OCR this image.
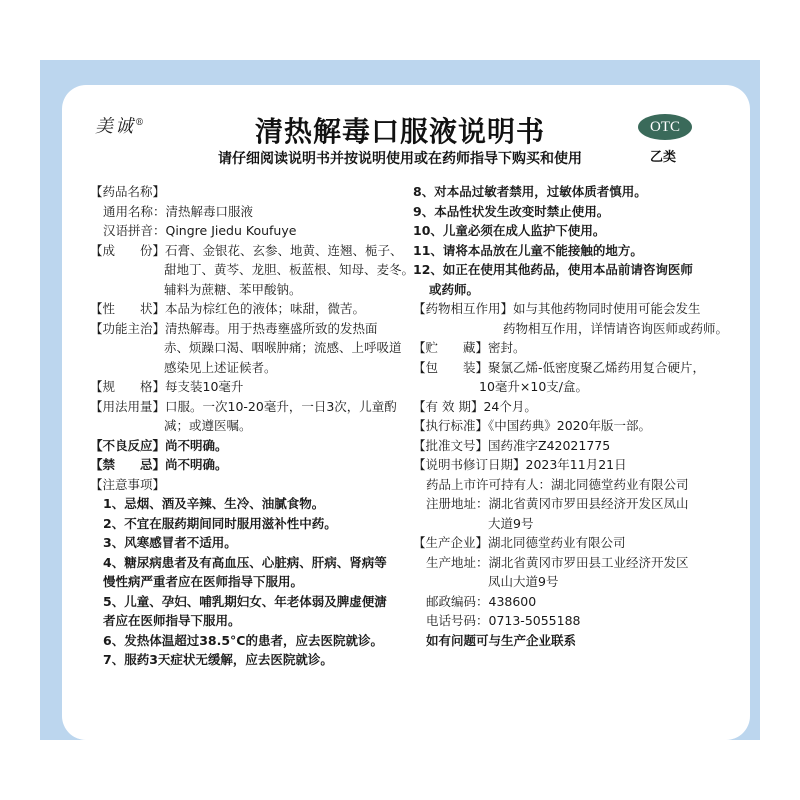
美诚®	清热解毒口服液说明书
请仔细阅读说明书并按说明使用或在药师指导下购买和使用
OTC
乙类

【药品名称】

通用名称：清热解毒口服液

汉语拼音：Qingre Jiedu Koufuye

【成　　份】石膏、金银花、玄参、地黄、连翘、栀子、

甜地丁、黄芩、龙胆、板蓝根、知母、麦冬。

辅料为蔗糖、苯甲酸钠。

【性　　状】本品为棕红色的液体；味甜，微苦。

【功能主治】清热解毒。用于热毒壅盛所致的发热面

赤、烦躁口渴、咽喉肿痛；流感、上呼吸道

感染见上述证候者。

【规　　格】每支装10毫升

【用法用量】口服。一次10-20毫升，一日3次，儿童酌

减；或遵医嘱。

【不良反应】尚不明确。

【禁　　忌】尚不明确。

【注意事项】

1、忌烟、酒及辛辣、生冷、油腻食物。

2、不宜在服药期间同时服用滋补性中药。

3、风寒感冒者不适用。

4、糖尿病患者及有高血压、心脏病、肝病、肾病等

慢性病严重者应在医师指导下服用。

5、儿童、孕妇、哺乳期妇女、年老体弱及脾虚便溏

者应在医师指导下服用。

6、发热体温超过38.5°C的患者，应去医院就诊。

7、服药3天症状无缓解，应去医院就诊。

8、对本品过敏者禁用，过敏体质者慎用。

9、本品性状发生改变时禁止使用。

10、儿童必须在成人监护下使用。

11、请将本品放在儿童不能接触的地方。

12、如正在使用其他药品，使用本品前请咨询医师

或药师。

【药物相互作用】如与其他药物同时使用可能会发生

药物相互作用，详情请咨询医师或药师。

【贮　　藏】密封。

【包　　装】聚氯乙烯-低密度聚乙烯药用复合硬片，

10毫升×10支/盒。

【有 效 期】24个月。

【执行标准】《中国药典》2020年版一部。

【批准文号】国药准字Z42021775

【说明书修订日期】2023年11月21日

药品上市许可持有人：湖北同德堂药业有限公司

注册地址：湖北省黄冈市罗田县经济开发区凤山

大道9号

【生产企业】湖北同德堂药业有限公司

生产地址：湖北省黄冈市罗田县工业经济开发区

凤山大道9号

邮政编码：438600

电话号码：0713-5055188

如有问题可与生产企业联系
